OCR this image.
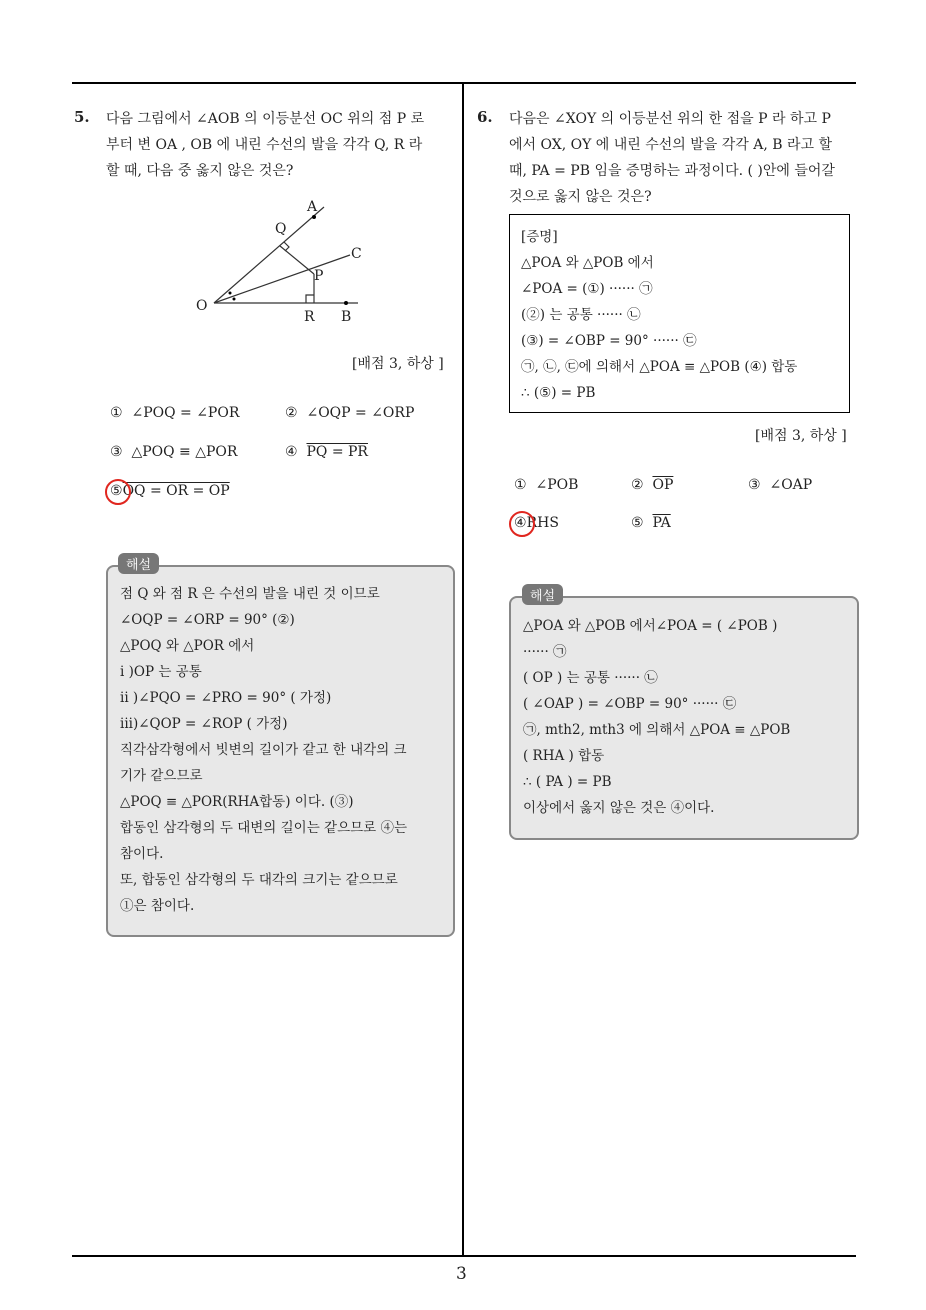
5. 다음 그림에서 ∠AOB 의 이등분선 OC 위의 점 P 로
부터 변 OA , OB 에 내린 수선의 발을 각각 Q, R 라
할 때, 다음 중 옳지 않은 것은?
A
Q
C
P
O
R B
[배점 3, 하상 ]
① ∠POQ = ∠POR	② ∠OQP = ∠ORP
③ △POQ ≡ △POR	④ PQ = PR
⑤OQ = OR = OP
해설
점 Q 와 점 R 은 수선의 발을 내린 것 이므로
∠OQP = ∠ORP = 90° (②)
△POQ 와 △POR 에서
i )OP 는 공통
ii )∠PQO = ∠PRO = 90° ( 가정)
iii)∠QOP = ∠ROP ( 가정)
직각삼각형에서 빗변의 길이가 같고 한 내각의 크
기가 같으므로
△POQ ≡ △POR(RHA합동) 이다. (③)
합동인 삼각형의 두 대변의 길이는 같으므로 ④는
참이다.
또, 합동인 삼각형의 두 대각의 크기는 같으므로
①은 참이다.
6. 다음은 ∠XOY 의 이등분선 위의 한 점을 P 라 하고 P
에서 OX, OY 에 내린 수선의 발을 각각 A, B 라고 할
때, PA = PB 임을 증명하는 과정이다. ( )안에 들어갈
것으로 옳지 않은 것은?
[증명]
△POA 와 △POB 에서
∠POA = (①) ······ ㉠
(②) 는 공통 ······ ㉡
(③) = ∠OBP = 90° ······ ㉢
㉠, ㉡, ㉢에 의해서 △POA ≡ △POB (④) 합동
∴ (⑤) = PB
[배점 3, 하상 ]
① ∠POB	② $\overline{OP}$	③ ∠OAP
④RHS	⑤ $\overline{PA}$
해설
△POA 와 △POB 에서∠POA = ( ∠POB )
······ ㉠
( OP ) 는 공통 ······ ㉡
( ∠OAP ) = ∠OBP = 90° ······ ㉢
㉠, mth2, mth3 에 의해서 △POA ≡ △POB
( RHA ) 합동
∴ ( PA ) = PB
이상에서 옳지 않은 것은 ④이다.
3
